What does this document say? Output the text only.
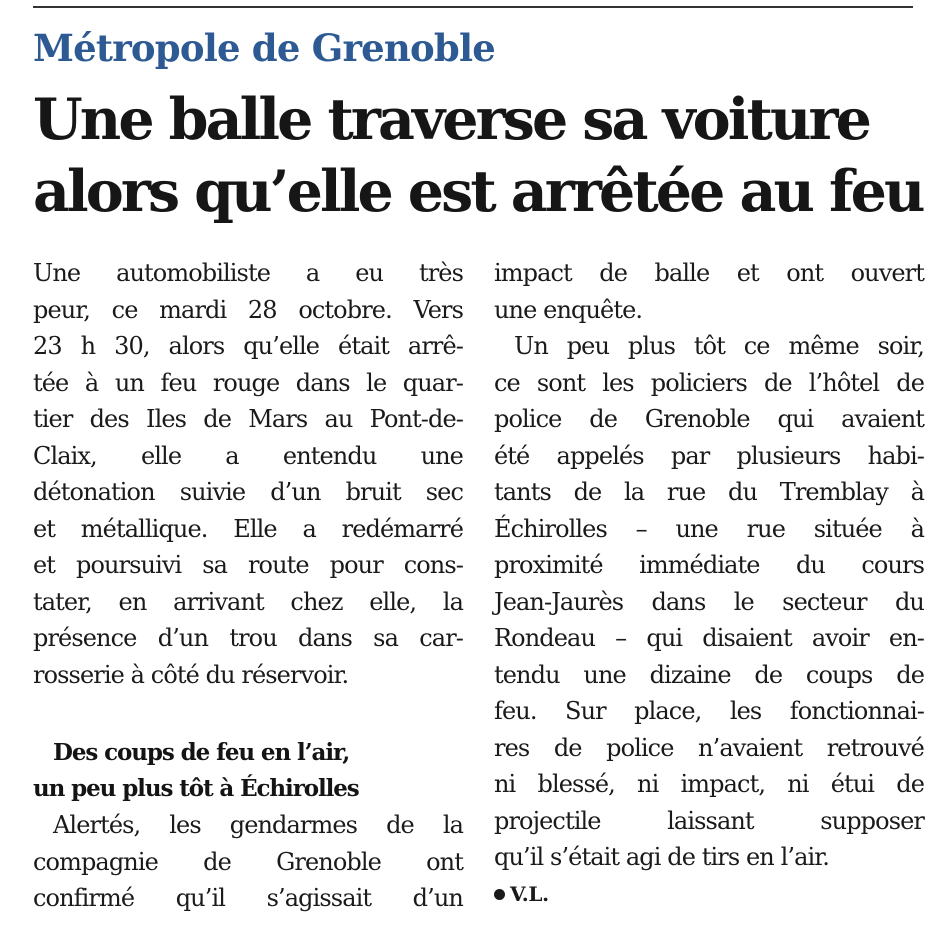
Métropole de Grenoble
Une balle traverse sa voiture
alors qu’elle est arrêtée au feu
Une automobiliste a eu très
peur, ce mardi 28 octobre. Vers
23 h 30, alors qu’elle était arrê-
tée à un feu rouge dans le quar-
tier des Iles de Mars au Pont-de-
Claix, elle a entendu une
détonation suivie d’un bruit sec
et métallique. Elle a redémarré
et poursuivi sa route pour cons-
tater, en arrivant chez elle, la
présence d’un trou dans sa car-
rosserie à côté du réservoir.
Des coups de feu en l’air,
un peu plus tôt à Échirolles
Alertés, les gendarmes de la
compagnie de Grenoble ont
confirmé qu’il s’agissait d’un
impact de balle et ont ouvert
une enquête.
Un peu plus tôt ce même soir,
ce sont les policiers de l’hôtel de
police de Grenoble qui avaient
été appelés par plusieurs habi-
tants de la rue du Tremblay à
Échirolles – une rue située à
proximité immédiate du cours
Jean-Jaurès dans le secteur du
Rondeau – qui disaient avoir en-
tendu une dizaine de coups de
feu. Sur place, les fonctionnai-
res de police n’avaient retrouvé
ni blessé, ni impact, ni étui de
projectile laissant supposer
qu’il s’était agi de tirs en l’air.
V.L.
